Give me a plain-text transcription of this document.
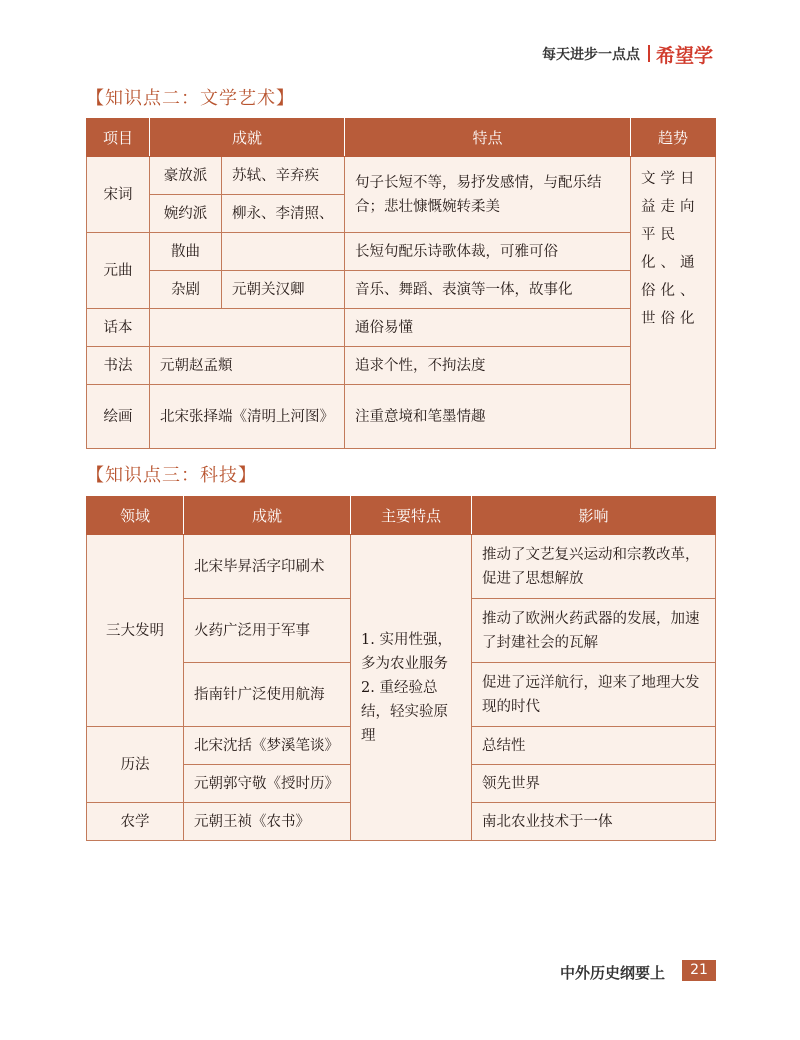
每天进步一点点 希望学
【知识点二：文学艺术】
项目	成就		特点	趋势
宋词	豪放派	苏轼、辛弃疾	句子长短不等，易抒发感情，与配乐结合；悲壮慷慨婉转柔美	文学日益走向平民化、通俗化、世俗化

	婉约派	柳永、李清照、		
元曲	散曲		长短句配乐诗歌体裁，可雅可俗	
	杂剧	元朝关汉卿	音乐、舞蹈、表演等一体，故事化	
话本			通俗易懂	
书法	元朝赵孟頫		追求个性，不拘法度	
绘画	北宋张择端《清明上河图》		注重意境和笔墨情趣	
【知识点三：科技】
领域	成就	主要特点	影响
三大发明	北宋毕昇活字印刷术	1. 实用性强，多为农业服务 2. 重经验总结，轻实验原理	推动了文艺复兴运动和宗教改革，促进了思想解放
	火药广泛用于军事		推动了欧洲火药武器的发展，加速了封建社会的瓦解
	指南针广泛使用航海		促进了远洋航行，迎来了地理大发现的时代
历法	北宋沈括《梦溪笔谈》		总结性
	元朝郭守敬《授时历》		领先世界
农学	元朝王祯《农书》		南北农业技术于一体
中外历史纲要上	21
